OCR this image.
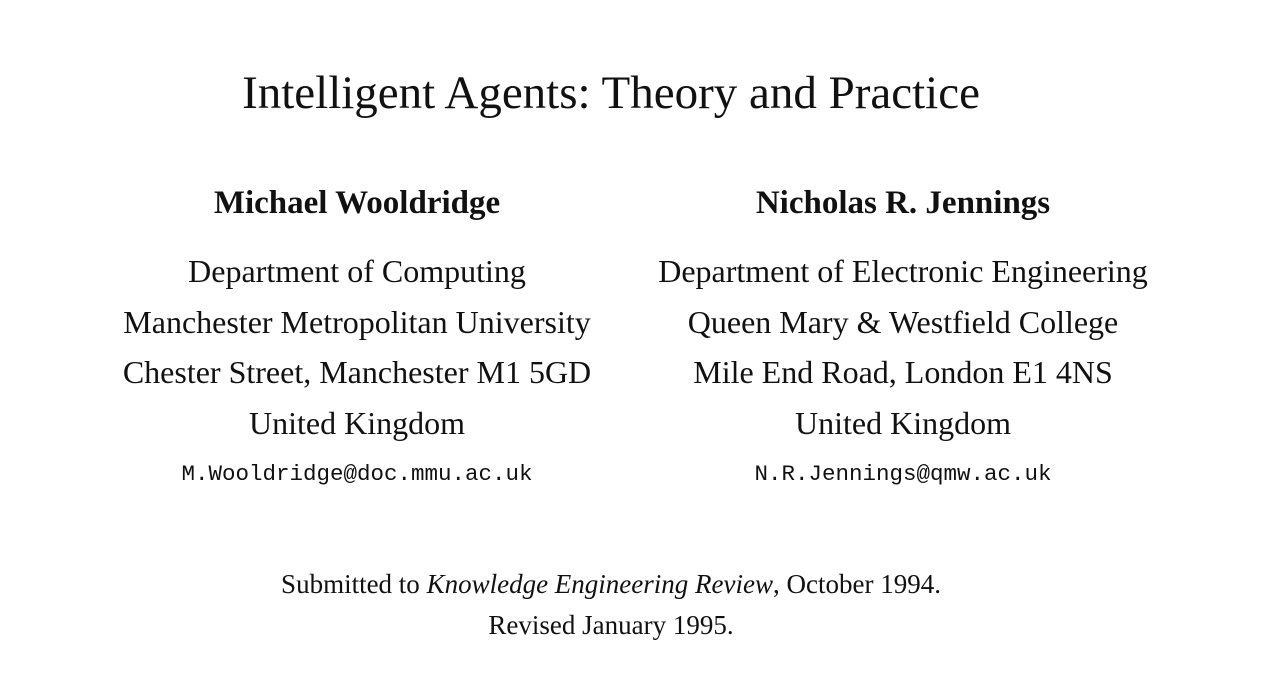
Intelligent Agents: Theory and Practice
Michael Wooldridge
Department of Computing
Manchester Metropolitan University
Chester Street, Manchester M1 5GD
United Kingdom
M.Wooldridge@doc.mmu.ac.uk
Nicholas R. Jennings
Department of Electronic Engineering
Queen Mary & Westfield College
Mile End Road, London E1 4NS
United Kingdom
N.R.Jennings@qmw.ac.uk
Submitted to Knowledge Engineering Review, October 1994.
Revised January 1995.
